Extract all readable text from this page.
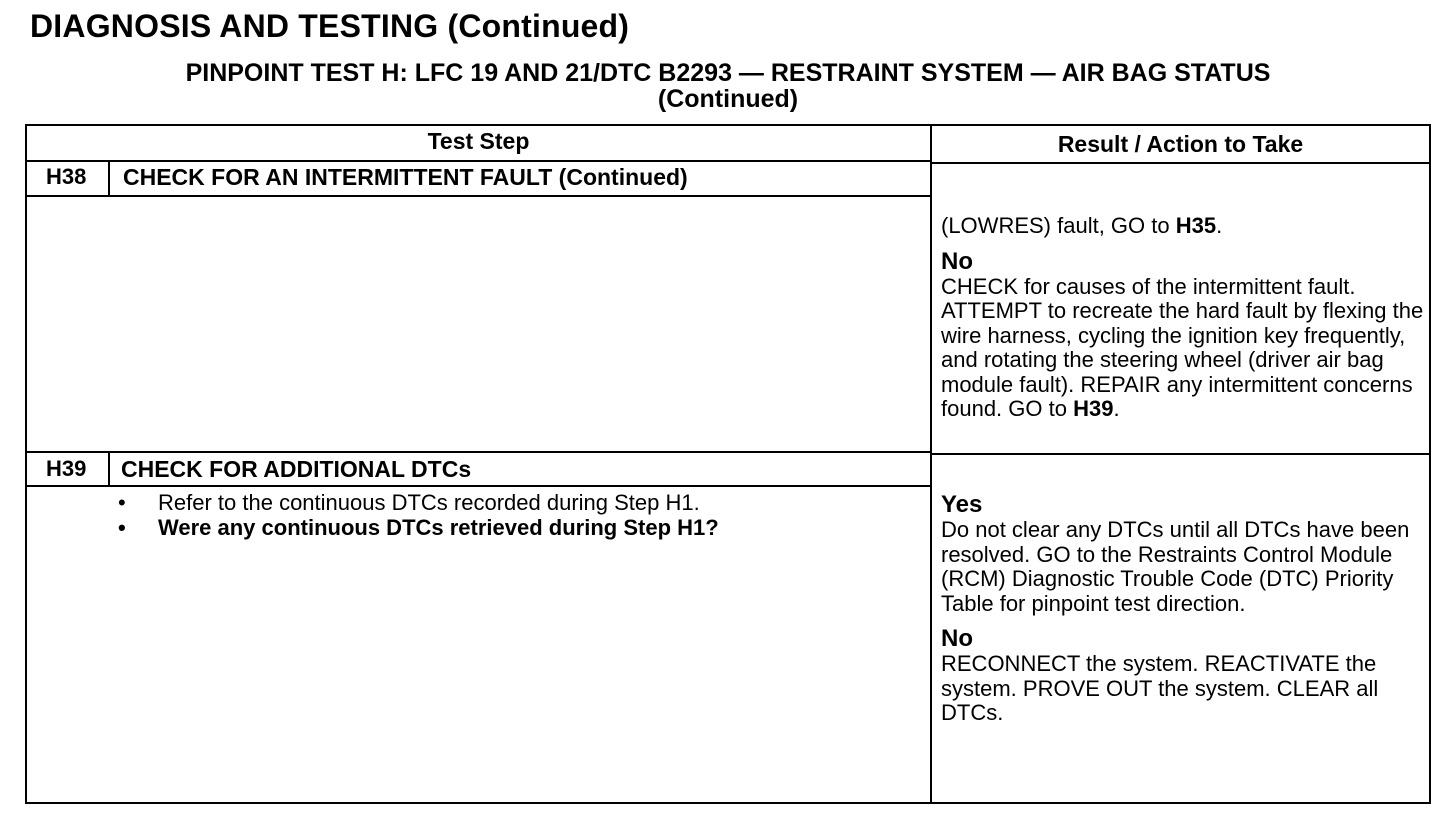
DIAGNOSIS AND TESTING (Continued)
PINPOINT TEST H: LFC 19 AND 21/DTC B2293 — RESTRAINT SYSTEM — AIR BAG STATUS
(Continued)
Test Step	Result / Action to Take
H38 CHECK FOR AN INTERMITTENT FAULT (Continued)
(LOWRES) fault, GO to H35.
No
CHECK for causes of the intermittent fault. ATTEMPT to recreate the hard fault by flexing the wire harness, cycling the ignition key frequently, and rotating the steering wheel (driver air bag module fault). REPAIR any intermittent concerns found. GO to H39.
H39 CHECK FOR ADDITIONAL DTCs
• Refer to the continuous DTCs recorded during Step H1.
• Were any continuous DTCs retrieved during Step H1?
Yes
Do not clear any DTCs until all DTCs have been resolved. GO to the Restraints Control Module (RCM) Diagnostic Trouble Code (DTC) Priority Table for pinpoint test direction.
No
RECONNECT the system. REACTIVATE the system. PROVE OUT the system. CLEAR all DTCs.
